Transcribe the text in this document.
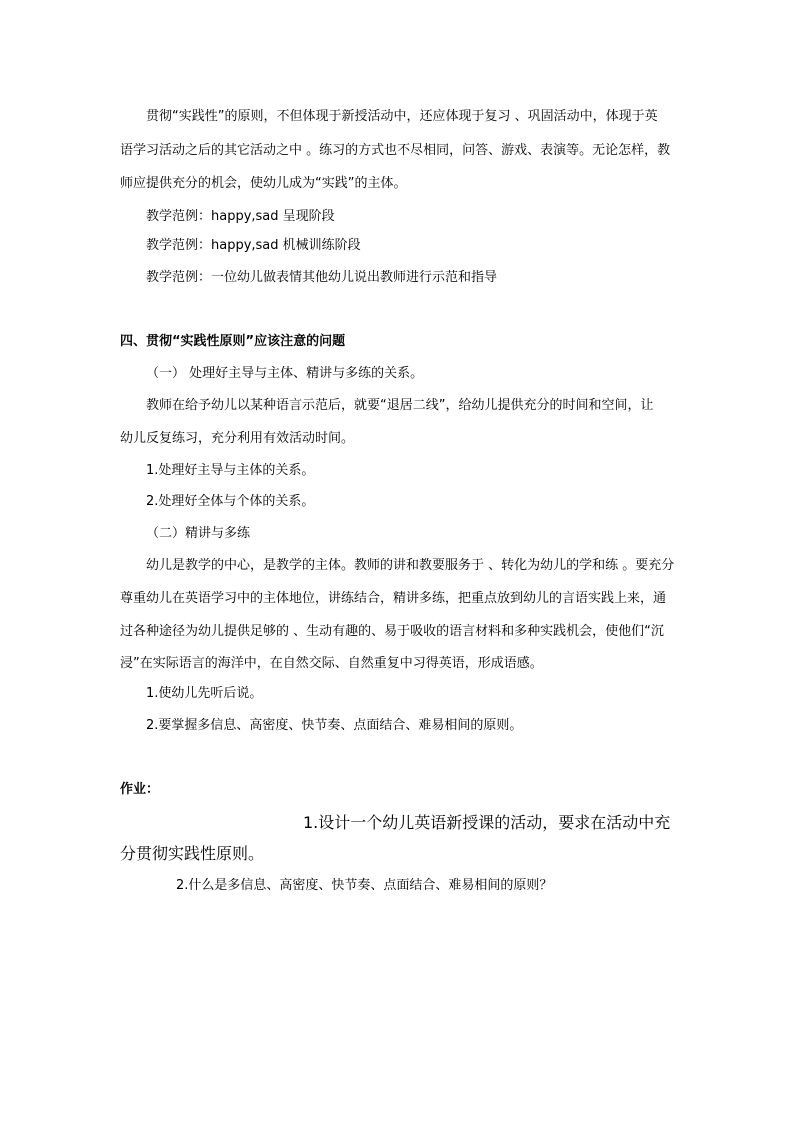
贯彻“实践性”的原则，不但体现于新授活动中，还应体现于复习 、巩固活动中，体现于英
语学习活动之后的其它活动之中 。练习的方式也不尽相同，问答、游戏、表演等。无论怎样，教
师应提供充分的机会，使幼儿成为“实践”的主体。
教学范例：happy,sad 呈现阶段
教学范例：happy,sad 机械训练阶段
教学范例：一位幼儿做表情其他幼儿说出教师进行示范和指导
四、贯彻“实践性原则”应该注意的问题
（一） 处理好主导与主体、精讲与多练的关系。
教师在给予幼儿以某种语言示范后，就要“退居二线”，给幼儿提供充分的时间和空间，让
幼儿反复练习，充分利用有效活动时间。
1.处理好主导与主体的关系。
2.处理好全体与个体的关系。
（二）精讲与多练
幼儿是教学的中心，是教学的主体。教师的讲和教要服务于 、转化为幼儿的学和练 。要充分
尊重幼儿在英语学习中的主体地位，讲练结合，精讲多练，把重点放到幼儿的言语实践上来，通
过各种途径为幼儿提供足够的 、生动有趣的、易于吸收的语言材料和多种实践机会，使他们“沉
浸”在实际语言的海洋中，在自然交际、自然重复中习得英语，形成语感。
1.使幼儿先听后说。
2.要掌握多信息、高密度、快节奏、点面结合、难易相间的原则。
作业：
1.设计一个幼儿英语新授课的活动，要求在活动中充
分贯彻实践性原则。
2.什么是多信息、高密度、快节奏、点面结合、难易相间的原则？
